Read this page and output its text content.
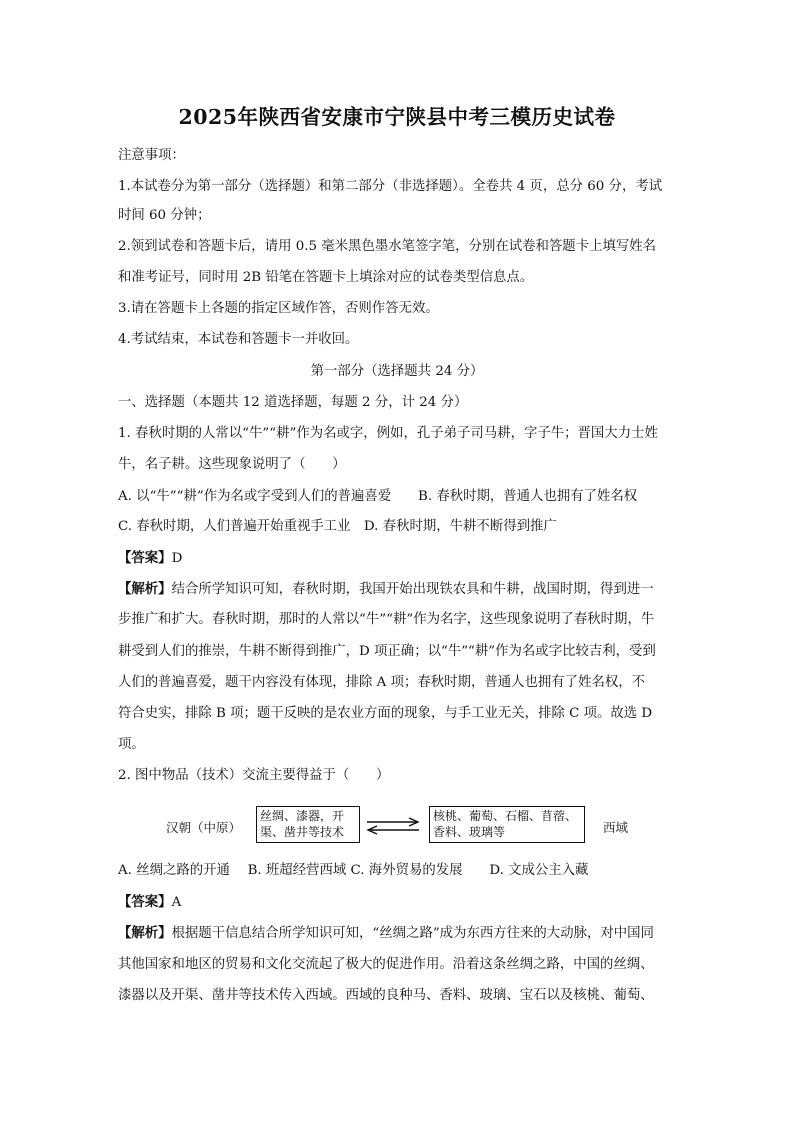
2025年陕西省安康市宁陕县中考三模历史试卷
注意事项：
1.本试卷分为第一部分（选择题）和第二部分（非选择题）。全卷共 4 页，总分 60 分，考试
时间 60 分钟；
2.领到试卷和答题卡后，请用 0.5 毫米黑色墨水笔签字笔，分别在试卷和答题卡上填写姓名
和准考证号，同时用 2B 铅笔在答题卡上填涂对应的试卷类型信息点。
3.请在答题卡上各题的指定区域作答，否则作答无效。
4.考试结束，本试卷和答题卡一并收回。
第一部分（选择题共 24 分）
一、选择题（本题共 12 道选择题，每题 2 分，计 24 分）
1. 春秋时期的人常以“牛”“耕”作为名或字，例如，孔子弟子司马耕，字子牛；晋国大力士姓
牛，名子耕。这些现象说明了（　　）
A. 以“牛”“耕”作为名或字受到人们的普遍喜爱　　B. 春秋时期，普通人也拥有了姓名权
C. 春秋时期，人们普遍开始重视手工业　D. 春秋时期，牛耕不断得到推广
【答案】D
【解析】结合所学知识可知，春秋时期，我国开始出现铁农具和牛耕，战国时期，得到进一
步推广和扩大。春秋时期，那时的人常以“牛”“耕”作为名字，这些现象说明了春秋时期，牛
耕受到人们的推崇，牛耕不断得到推广，D 项正确；以“牛”“耕”作为名或字比较吉利，受到
人们的普遍喜爱，题干内容没有体现，排除 A 项；春秋时期，普通人也拥有了姓名权，不
符合史实，排除 B 项；题干反映的是农业方面的现象，与手工业无关，排除 C 项。故选 D
项。
2. 图中物品（技术）交流主要得益于（　　）
汉朝（中原）
丝绸、漆器，开
渠、凿井等技术
核桃、葡萄、石榴、苜蓿、
香料、玻璃等	西域
A. 丝绸之路的开通　 B. 班超经营西域 C. 海外贸易的发展　　D. 文成公主入藏
【答案】A
【解析】根据题干信息结合所学知识可知，“丝绸之路”成为东西方往来的大动脉，对中国同
其他国家和地区的贸易和文化交流起了极大的促进作用。沿着这条丝绸之路，中国的丝绸、
漆器以及开渠、凿井等技术传入西域。西域的良种马、香料、玻璃、宝石以及核桃、葡萄、
